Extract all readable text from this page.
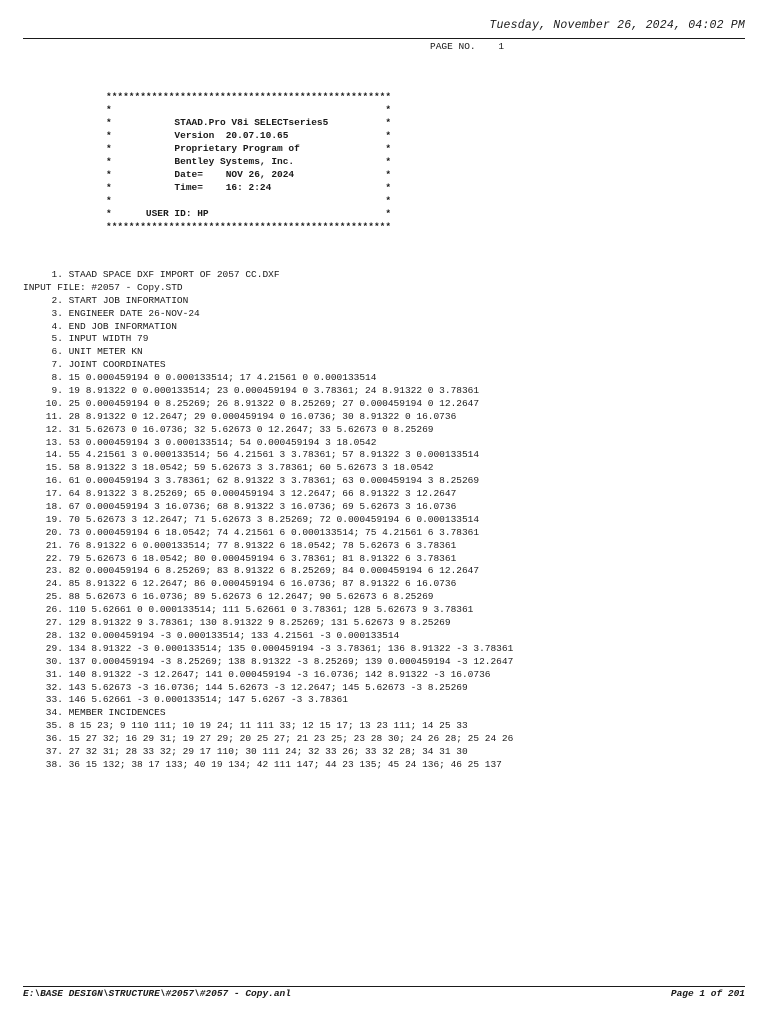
Tuesday, November 26, 2024, 04:02 PM
PAGE NO.    1
**************************************************
*                                                *
*           STAAD.Pro V8i SELECTseries5          *
*           Version  20.07.10.65                 *
*           Proprietary Program of               *
*           Bentley Systems, Inc.                *
*           Date=    NOV 26, 2024                *
*           Time=    16: 2:24                    *
*                                                *
*      USER ID: HP                               *
**************************************************
1. STAAD SPACE DXF IMPORT OF 2057 CC.DXF
INPUT FILE: #2057 - Copy.STD
2. START JOB INFORMATION
3. ENGINEER DATE 26-NOV-24
4. END JOB INFORMATION
5. INPUT WIDTH 79
6. UNIT METER KN
7. JOINT COORDINATES
8. 15 0.000459194 0 0.000133514; 17 4.21561 0 0.000133514
9. 19 8.91322 0 0.000133514; 23 0.000459194 0 3.78361; 24 8.91322 0 3.78361
10. 25 0.000459194 0 8.25269; 26 8.91322 0 8.25269; 27 0.000459194 0 12.2647
11. 28 8.91322 0 12.2647; 29 0.000459194 0 16.0736; 30 8.91322 0 16.0736
12. 31 5.62673 0 16.0736; 32 5.62673 0 12.2647; 33 5.62673 0 8.25269
13. 53 0.000459194 3 0.000133514; 54 0.000459194 3 18.0542
14. 55 4.21561 3 0.000133514; 56 4.21561 3 3.78361; 57 8.91322 3 0.000133514
15. 58 8.91322 3 18.0542; 59 5.62673 3 3.78361; 60 5.62673 3 18.0542
16. 61 0.000459194 3 3.78361; 62 8.91322 3 3.78361; 63 0.000459194 3 8.25269
17. 64 8.91322 3 8.25269; 65 0.000459194 3 12.2647; 66 8.91322 3 12.2647
18. 67 0.000459194 3 16.0736; 68 8.91322 3 16.0736; 69 5.62673 3 16.0736
19. 70 5.62673 3 12.2647; 71 5.62673 3 8.25269; 72 0.000459194 6 0.000133514
20. 73 0.000459194 6 18.0542; 74 4.21561 6 0.000133514; 75 4.21561 6 3.78361
21. 76 8.91322 6 0.000133514; 77 8.91322 6 18.0542; 78 5.62673 6 3.78361
22. 79 5.62673 6 18.0542; 80 0.000459194 6 3.78361; 81 8.91322 6 3.78361
23. 82 0.000459194 6 8.25269; 83 8.91322 6 8.25269; 84 0.000459194 6 12.2647
24. 85 8.91322 6 12.2647; 86 0.000459194 6 16.0736; 87 8.91322 6 16.0736
25. 88 5.62673 6 16.0736; 89 5.62673 6 12.2647; 90 5.62673 6 8.25269
26. 110 5.62661 0 0.000133514; 111 5.62661 0 3.78361; 128 5.62673 9 3.78361
27. 129 8.91322 9 3.78361; 130 8.91322 9 8.25269; 131 5.62673 9 8.25269
28. 132 0.000459194 -3 0.000133514; 133 4.21561 -3 0.000133514
29. 134 8.91322 -3 0.000133514; 135 0.000459194 -3 3.78361; 136 8.91322 -3 3.78361
30. 137 0.000459194 -3 8.25269; 138 8.91322 -3 8.25269; 139 0.000459194 -3 12.2647
31. 140 8.91322 -3 12.2647; 141 0.000459194 -3 16.0736; 142 8.91322 -3 16.0736
32. 143 5.62673 -3 16.0736; 144 5.62673 -3 12.2647; 145 5.62673 -3 8.25269
33. 146 5.62661 -3 0.000133514; 147 5.6267 -3 3.78361
34. MEMBER INCIDENCES
35. 8 15 23; 9 110 111; 10 19 24; 11 111 33; 12 15 17; 13 23 111; 14 25 33
36. 15 27 32; 16 29 31; 19 27 29; 20 25 27; 21 23 25; 23 28 30; 24 26 28; 25 24 26
37. 27 32 31; 28 33 32; 29 17 110; 30 111 24; 32 33 26; 33 32 28; 34 31 30
38. 36 15 132; 38 17 133; 40 19 134; 42 111 147; 44 23 135; 45 24 136; 46 25 137
E:\BASE DESIGN\STRUCTURE\#2057\#2057 - Copy.anl	Page 1 of 201
